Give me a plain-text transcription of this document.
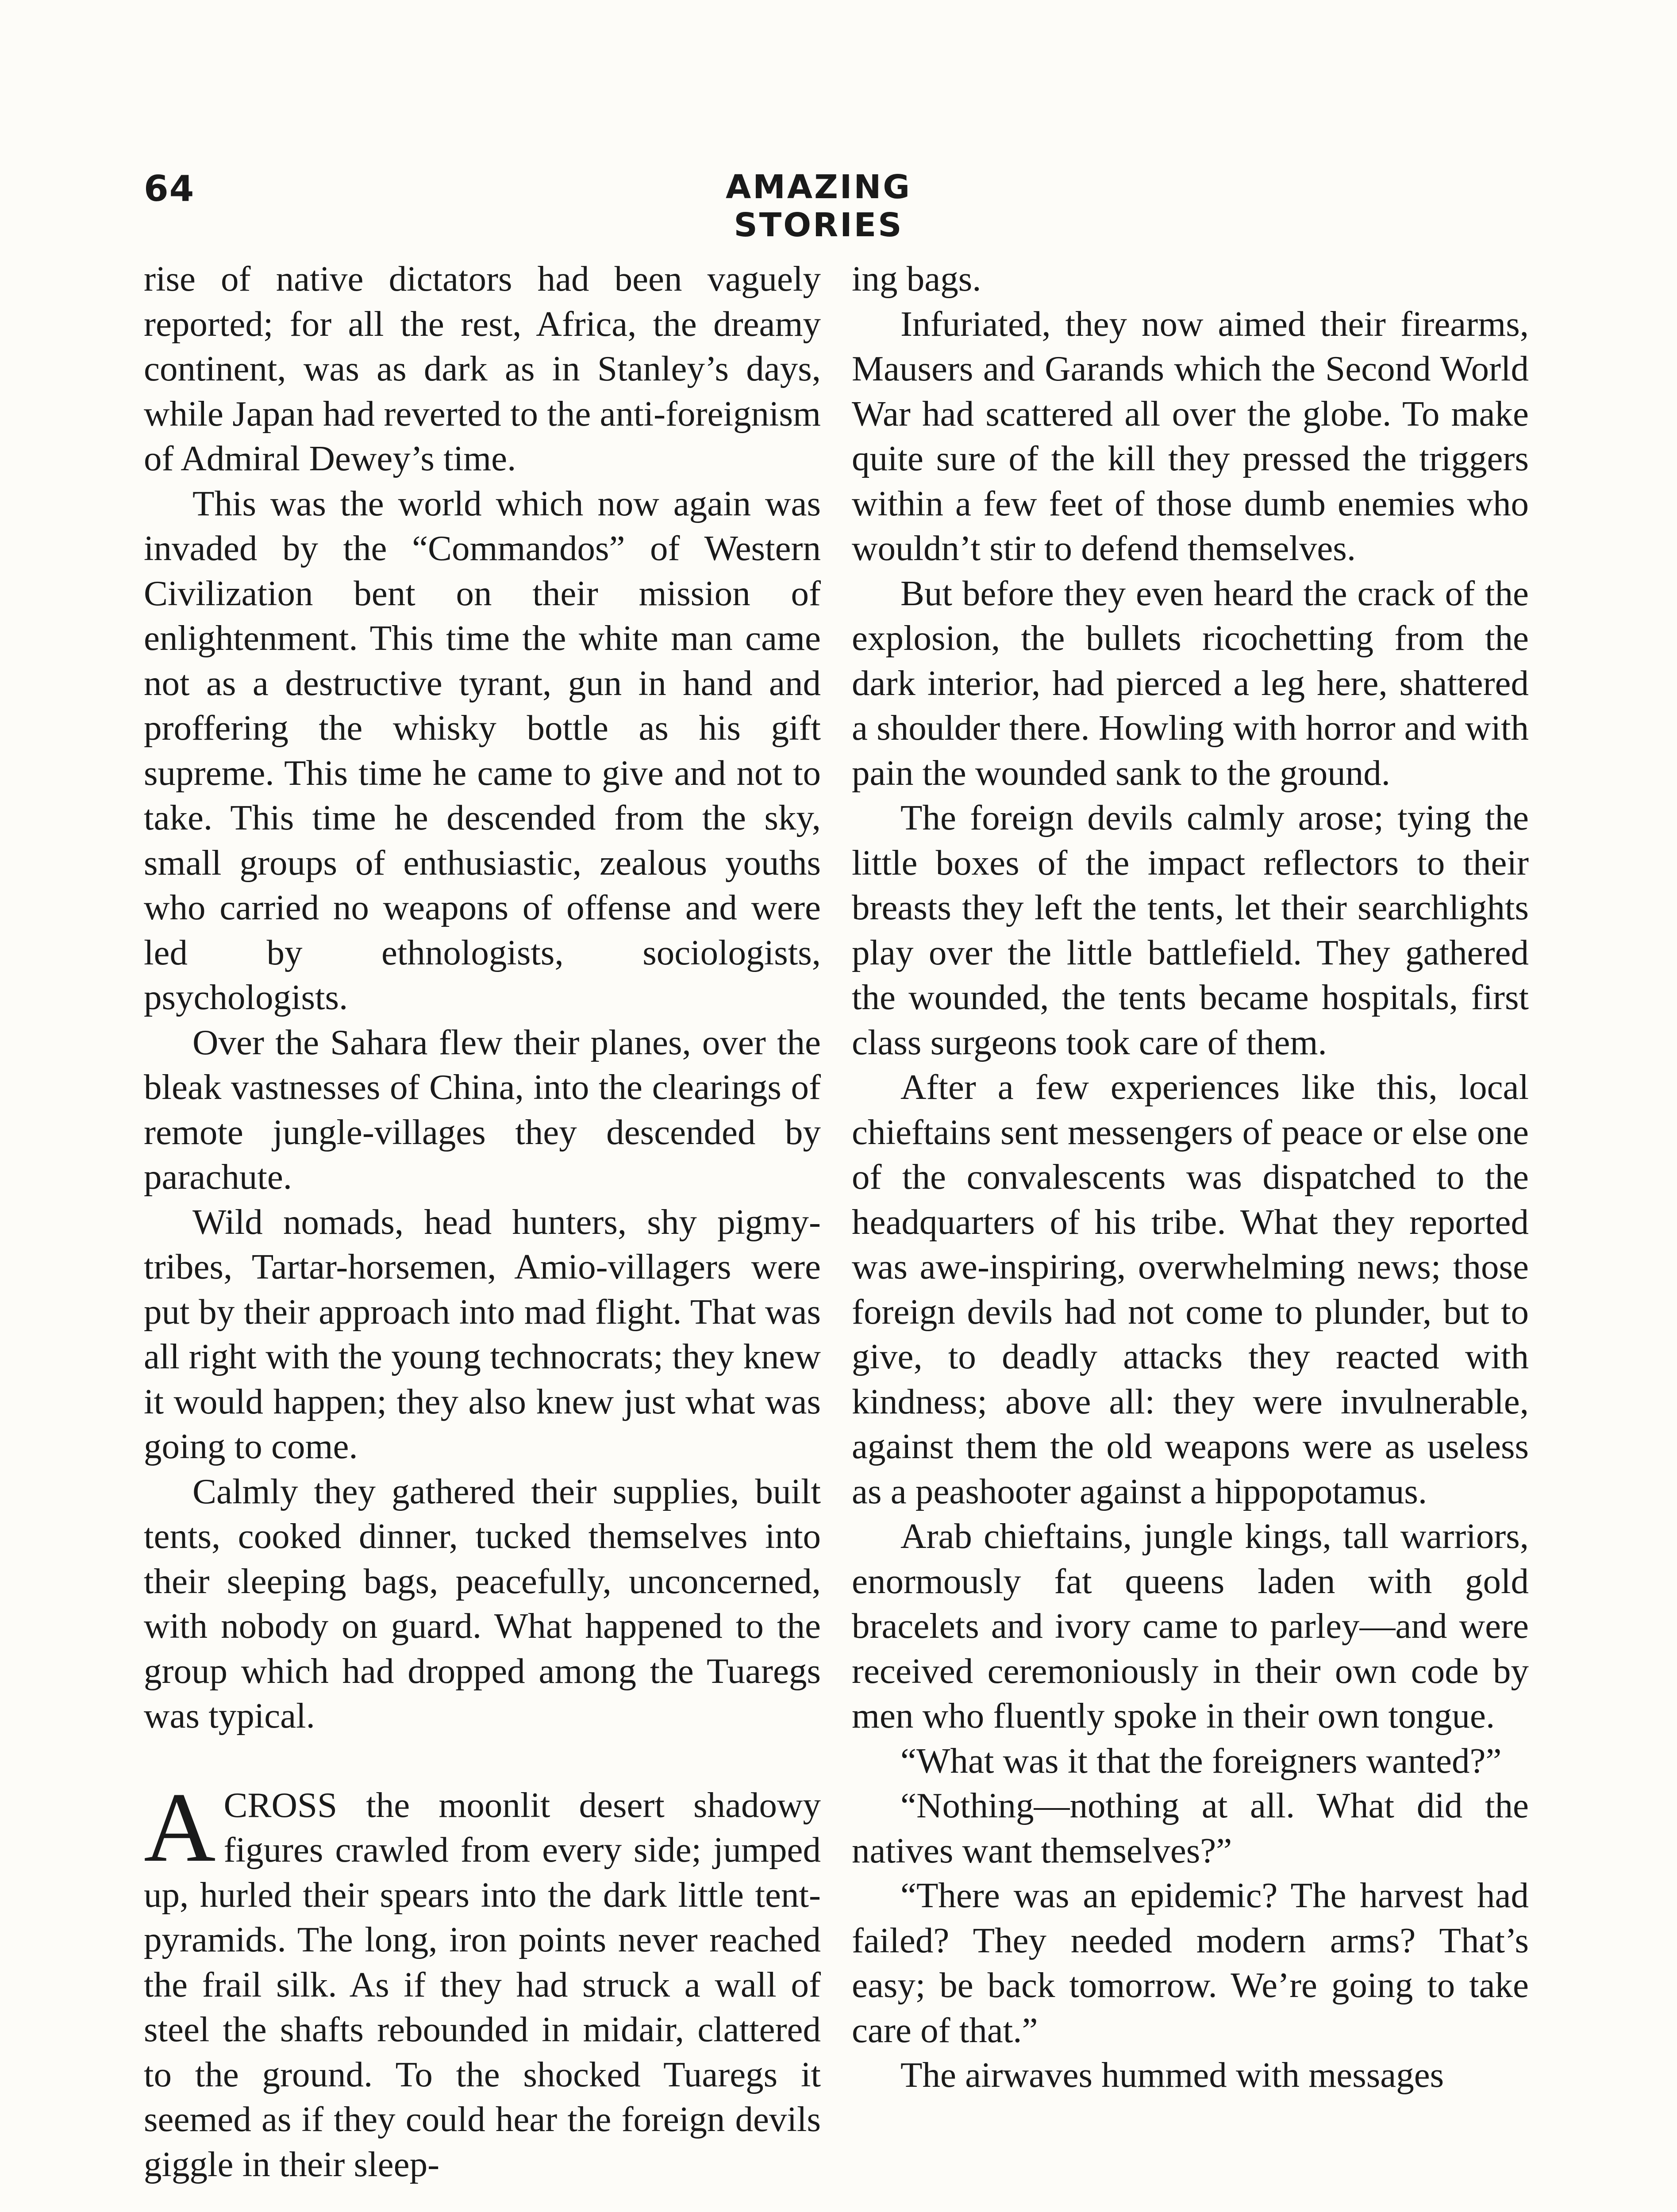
64	AMAZING STORIES

rise of native dictators had been vaguely reported; for all the rest, Africa, the dreamy continent, was as dark as in Stanley’s days, while Japan had reverted to the anti-foreignism of Admiral Dewey’s time.

This was the world which now again was invaded by the “Commandos” of Western Civilization bent on their mission of enlightenment. This time the white man came not as a destructive tyrant, gun in hand and proffering the whisky bottle as his gift supreme. This time he came to give and not to take. This time he descended from the sky, small groups of enthusiastic, zealous youths who carried no weapons of offense and were led by ethnologists, sociologists, psychologists.

Over the Sahara flew their planes, over the bleak vastnesses of China, into the clearings of remote jungle-villages they descended by parachute.

Wild nomads, head hunters, shy pigmy-tribes, Tartar-horsemen, Amio-villagers were put by their approach into mad flight. That was all right with the young technocrats; they knew it would happen; they also knew just what was going to come.

Calmly they gathered their supplies, built tents, cooked dinner, tucked themselves into their sleeping bags, peacefully, unconcerned, with nobody on guard. What happened to the group which had dropped among the Tuaregs was typical.

ACROSS the moonlit desert shadowy figures crawled from every side; jumped up, hurled their spears into the dark little tent-pyramids. The long, iron points never reached the frail silk. As if they had struck a wall of steel the shafts rebounded in midair, clattered to the ground. To the shocked Tuaregs it seemed as if they could hear the foreign devils giggle in their sleep-

ing bags.

Infuriated, they now aimed their firearms, Mausers and Garands which the Second World War had scattered all over the globe. To make quite sure of the kill they pressed the triggers within a few feet of those dumb enemies who wouldn’t stir to defend themselves.

But before they even heard the crack of the explosion, the bullets ricochetting from the dark interior, had pierced a leg here, shattered a shoulder there. Howling with horror and with pain the wounded sank to the ground.

The foreign devils calmly arose; tying the little boxes of the impact reflectors to their breasts they left the tents, let their searchlights play over the little battlefield. They gathered the wounded, the tents became hospitals, first class surgeons took care of them.

After a few experiences like this, local chieftains sent messengers of peace or else one of the convalescents was dispatched to the headquarters of his tribe. What they reported was awe-inspiring, overwhelming news; those foreign devils had not come to plunder, but to give, to deadly attacks they reacted with kindness; above all: they were invulnerable, against them the old weapons were as useless as a peashooter against a hippopotamus.

Arab chieftains, jungle kings, tall warriors, enormously fat queens laden with gold bracelets and ivory came to parley—and were received ceremoniously in their own code by men who fluently spoke in their own tongue.

“What was it that the foreigners wanted?”

“Nothing—nothing at all. What did the natives want themselves?”

“There was an epidemic? The harvest had failed? They needed modern arms? That’s easy; be back tomorrow. We’re going to take care of that.”

The airwaves hummed with messages
